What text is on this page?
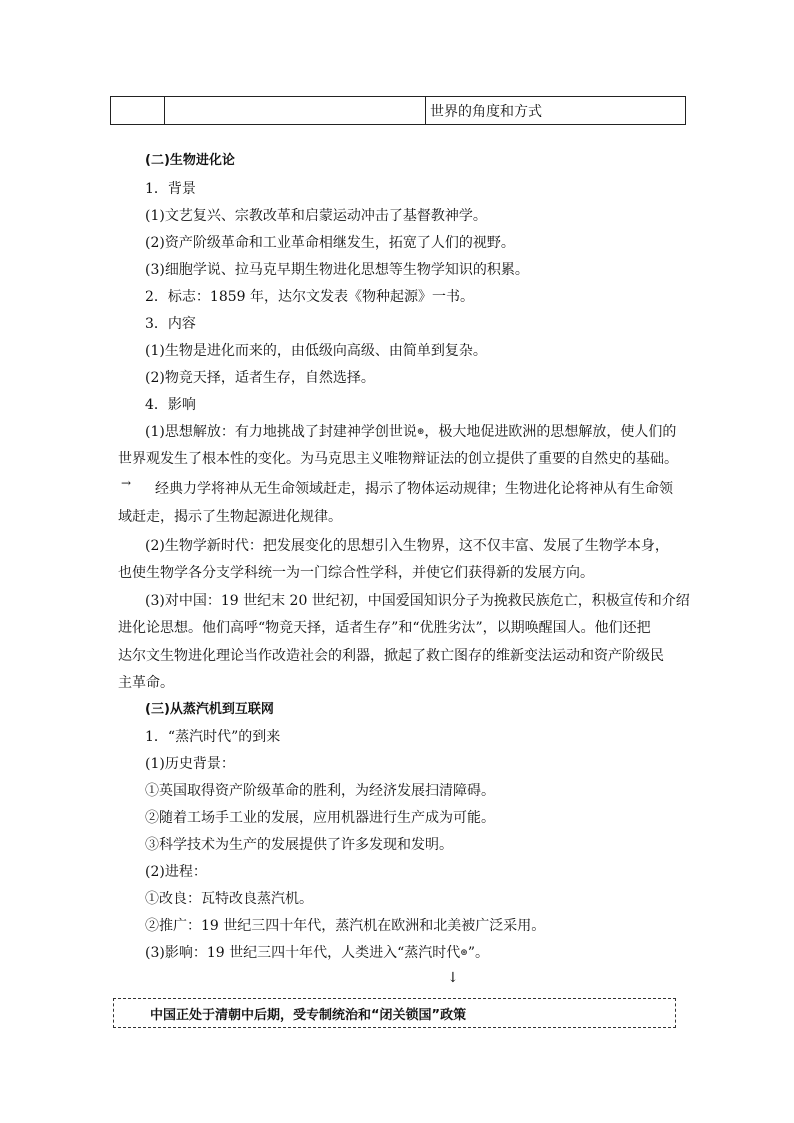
		世界的角度和方式
(二)生物进化论
1．背景
(1)文艺复兴、宗教改革和启蒙运动冲击了基督教神学。
(2)资产阶级革命和工业革命相继发生，拓宽了人们的视野。
(3)细胞学说、拉马克早期生物进化思想等生物学知识的积累。
2．标志：1859 年，达尔文发表《物种起源》一书。
3．内容
(1)生物是进化而来的，由低级向高级、由简单到复杂。
(2)物竞天择，适者生存，自然选择。
4．影响
(1)思想解放：有力地挑战了封建神学创世说⊛，极大地促进欧洲的思想解放，使人们的
世界观发生了根本性的变化。为马克思主义唯物辩证法的创立提供了重要的自然史的基础。
→ 经典力学将神从无生命领域赶走，揭示了物体运动规律；生物进化论将神从有生命领
域赶走，揭示了生物起源进化规律。
(2)生物学新时代：把发展变化的思想引入生物界，这不仅丰富、发展了生物学本身，
也使生物学各分支学科统一为一门综合性学科，并使它们获得新的发展方向。
(3)对中国：19 世纪末 20 世纪初，中国爱国知识分子为挽救民族危亡，积极宣传和介绍
进化论思想。他们高呼“物竞天择，适者生存”和“优胜劣汰”，以期唤醒国人。他们还把
达尔文生物进化理论当作改造社会的利器，掀起了救亡图存的维新变法运动和资产阶级民
主革命。
(三)从蒸汽机到互联网
1．“蒸汽时代”的到来
(1)历史背景：
①英国取得资产阶级革命的胜利，为经济发展扫清障碍。
②随着工场手工业的发展，应用机器进行生产成为可能。
③科学技术为生产的发展提供了许多发现和发明。
(2)进程：
①改良：瓦特改良蒸汽机。
②推广：19 世纪三四十年代，蒸汽机在欧洲和北美被广泛采用。
(3)影响：19 世纪三四十年代，人类进入“蒸汽时代⊛”。
↓
中国正处于清朝中后期，受专制统治和“闭关锁国”政策
